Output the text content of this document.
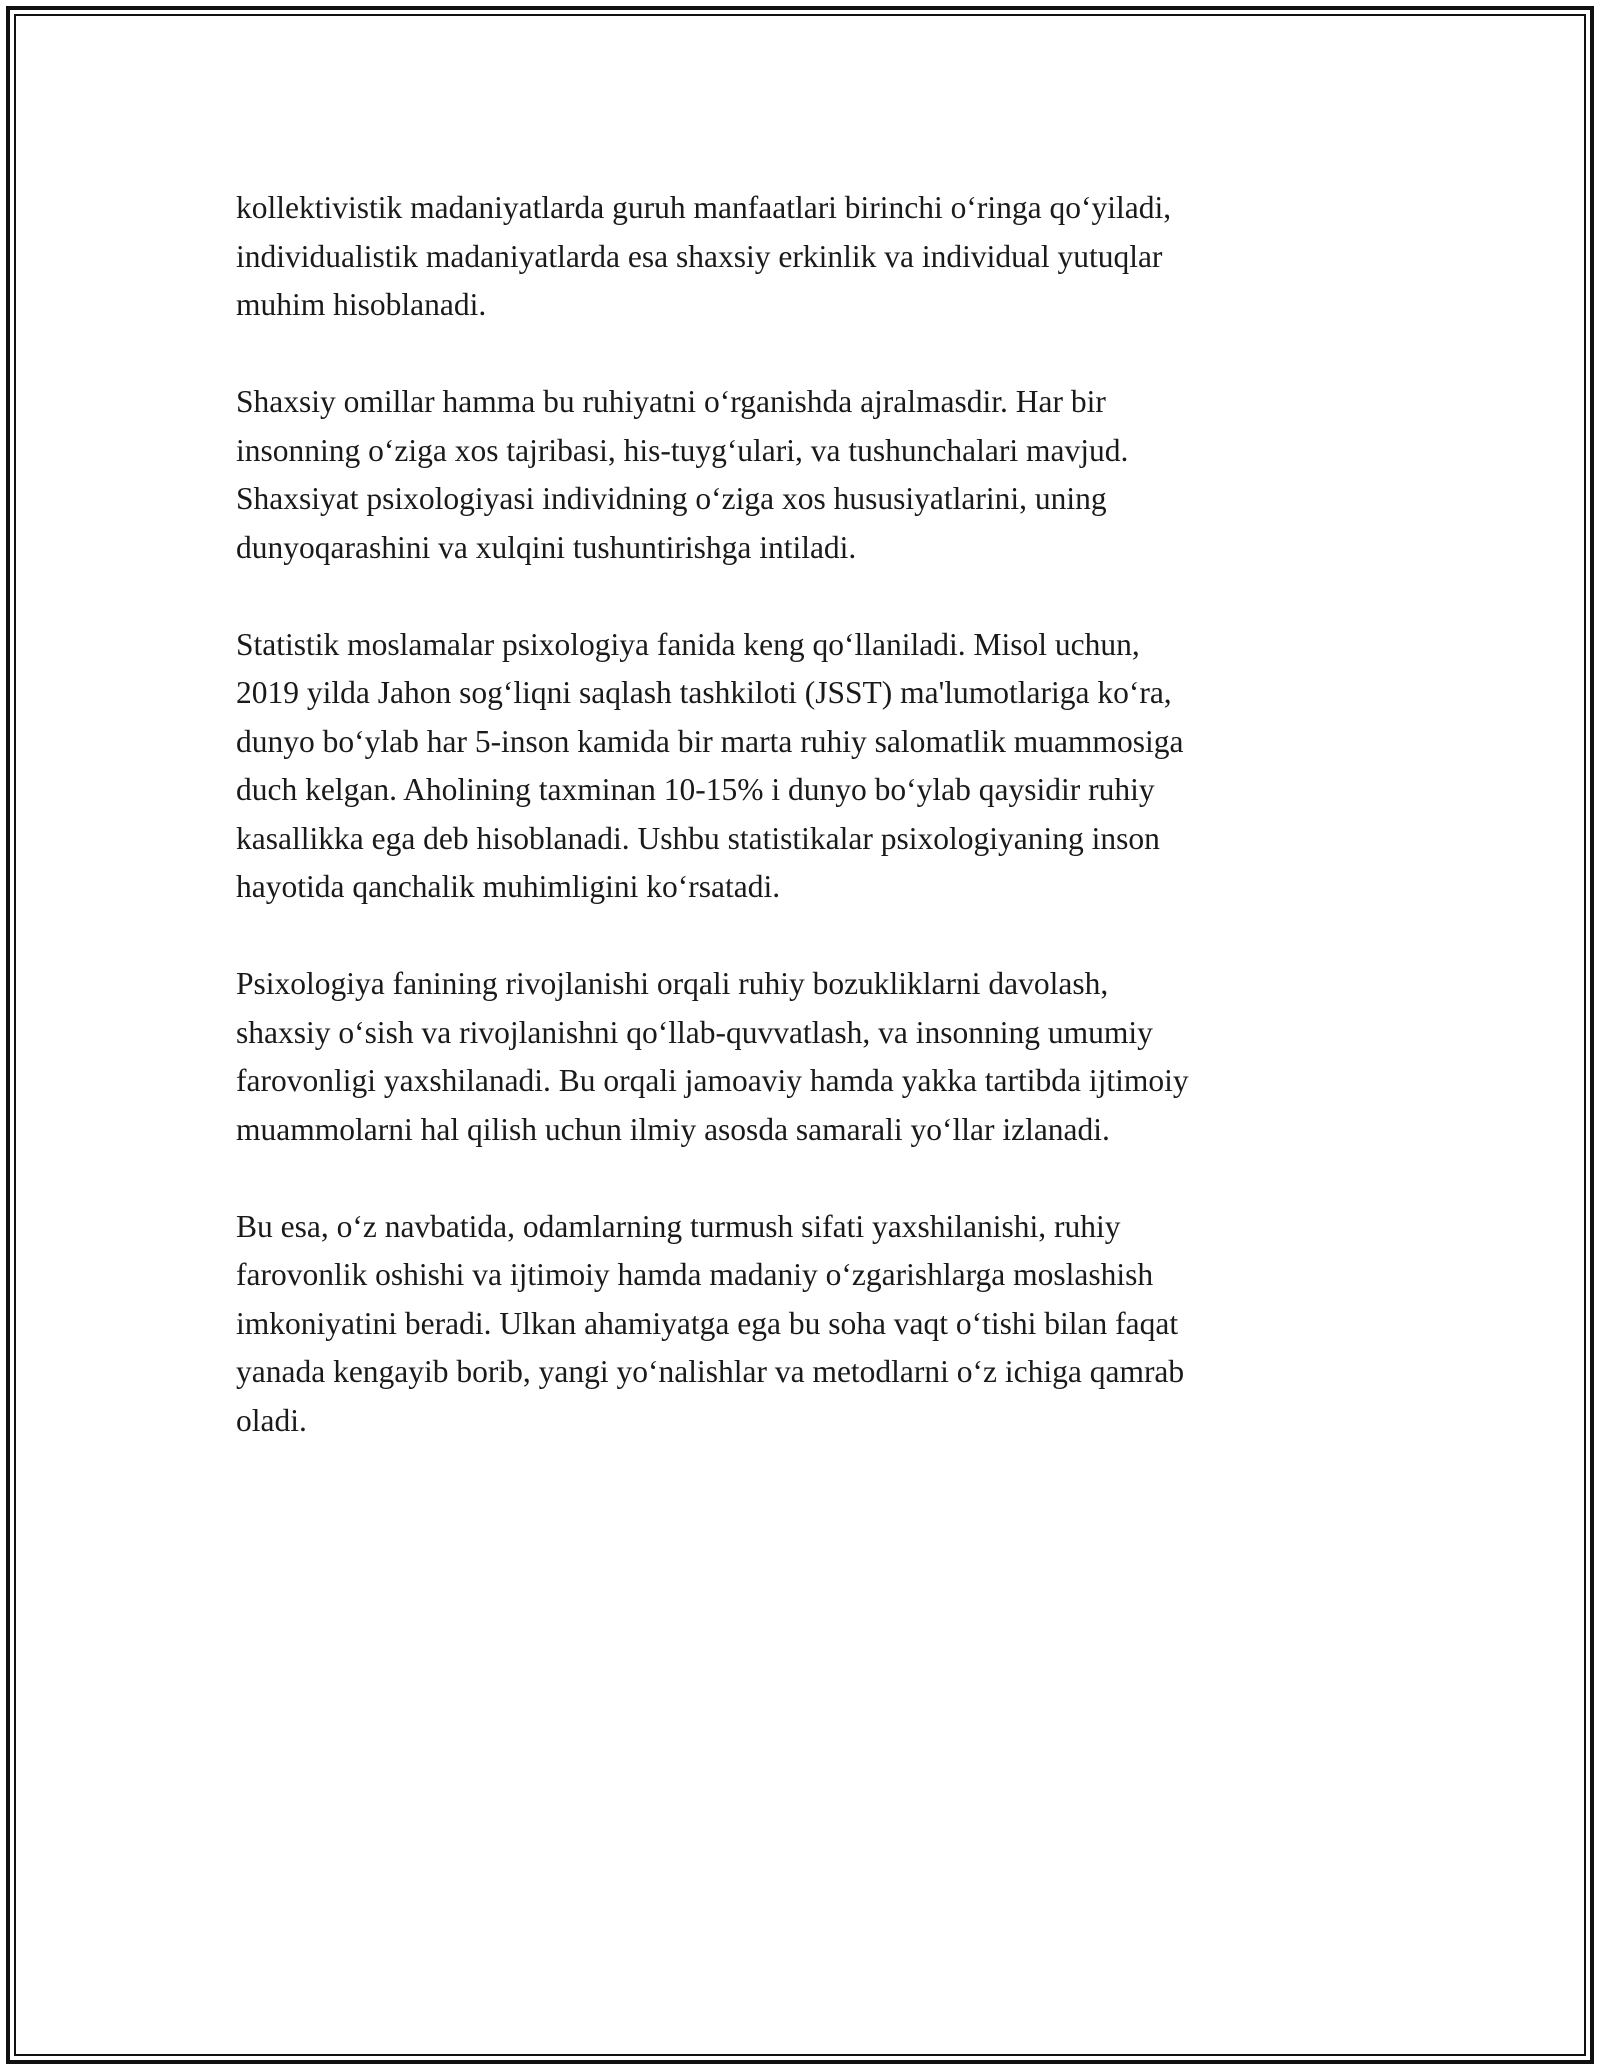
kollektivistik madaniyatlarda guruh manfaatlari birinchi oʻringa qoʻyiladi,
individualistik madaniyatlarda esa shaxsiy erkinlik va individual yutuqlar
muhim hisoblanadi.

Shaxsiy omillar hamma bu ruhiyatni oʻrganishda ajralmasdir. Har bir
insonning oʻziga xos tajribasi, his-tuygʻulari, va tushunchalari mavjud.
Shaxsiyat psixologiyasi individning oʻziga xos hususiyatlarini, uning
dunyoqarashini va xulqini tushuntirishga intiladi.

Statistik moslamalar psixologiya fanida keng qoʻllaniladi. Misol uchun,
2019 yilda Jahon sogʻliqni saqlash tashkiloti (JSST) ma'lumotlariga koʻra,
dunyo boʻylab har 5-inson kamida bir marta ruhiy salomatlik muammosiga
duch kelgan. Aholining taxminan 10-15% i dunyo boʻylab qaysidir ruhiy
kasallikka ega deb hisoblanadi. Ushbu statistikalar psixologiyaning inson
hayotida qanchalik muhimligini koʻrsatadi.

Psixologiya fanining rivojlanishi orqali ruhiy bozukliklarni davolash,
shaxsiy oʻsish va rivojlanishni qoʻllab-quvvatlash, va insonning umumiy
farovonligi yaxshilanadi. Bu orqali jamoaviy hamda yakka tartibda ijtimoiy
muammolarni hal qilish uchun ilmiy asosda samarali yoʻllar izlanadi.

Bu esa, oʻz navbatida, odamlarning turmush sifati yaxshilanishi, ruhiy
farovonlik oshishi va ijtimoiy hamda madaniy oʻzgarishlarga moslashish
imkoniyatini beradi. Ulkan ahamiyatga ega bu soha vaqt oʻtishi bilan faqat
yanada kengayib borib, yangi yoʻnalishlar va metodlarni oʻz ichiga qamrab
oladi.
